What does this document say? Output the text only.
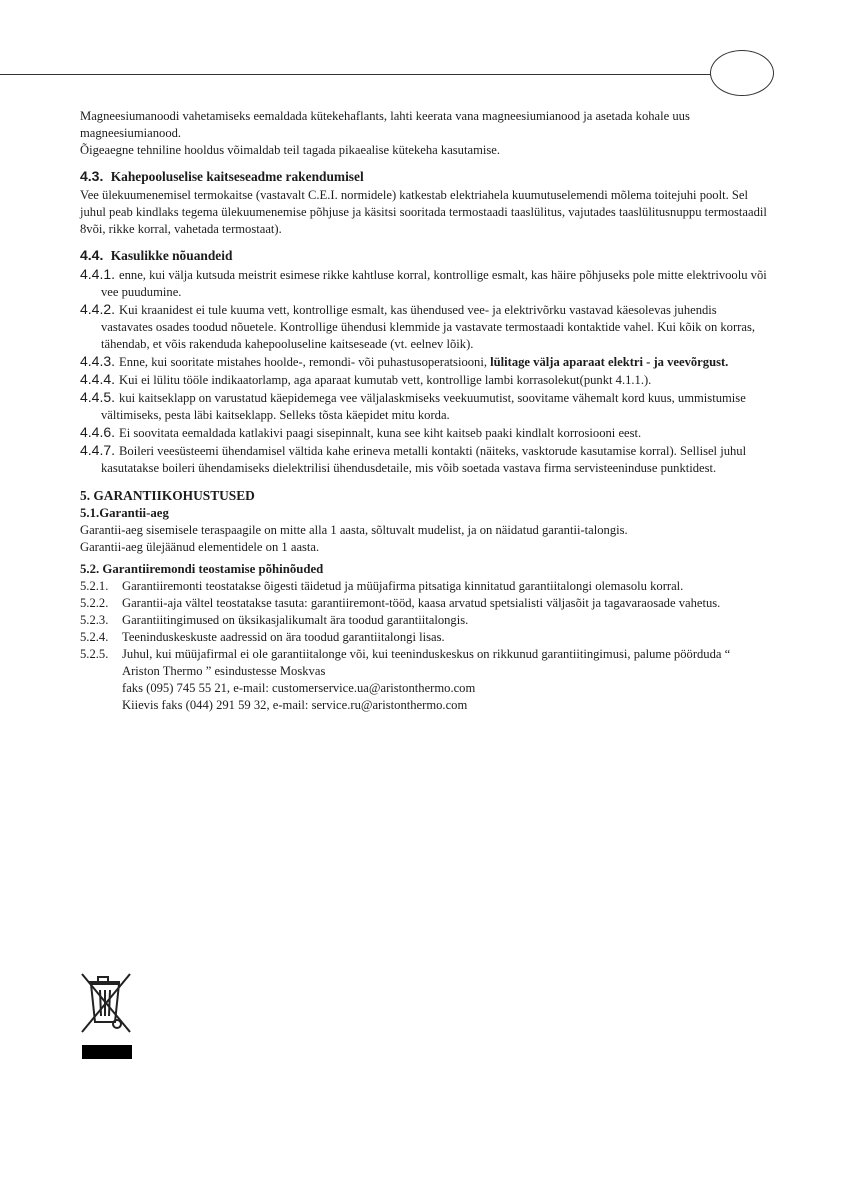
Magneesiumanoodi vahetamiseks eemaldada kütekehaflants, lahti keerata vana magneesiumianood ja asetada kohale uus magneesiumianood.

Õigeaegne tehniline hooldus võimaldab teil tagada pikaealise kütekeha kasutamise.

4.3. Kahepooluselise kaitseseadme rakendumisel

Vee ülekuumenemisel termokaitse (vastavalt C.E.I. normidele) katkestab elektriahela kuumutuselemendi mõlema toitejuhi poolt. Sel juhul peab kindlaks tegema ülekuumenemise põhjuse ja käsitsi sooritada termostaadi taaslülitus, vajutades taaslülitusnuppu termostaadil 8või, rikke korral, vahetada termostaat).

4.4. Kasulikke nõuandeid

4.4.1. enne, kui välja kutsuda meistrit esimese rikke kahtluse korral, kontrollige esmalt, kas häire põhjuseks pole mitte elektrivoolu või vee puudumine.

4.4.2. Kui kraanidest ei tule kuuma vett, kontrollige esmalt, kas ühendused vee- ja elektrivõrku vastavad käesolevas juhendis vastavates osades toodud nõuetele. Kontrollige ühendusi klemmide ja vastavate termostaadi kontaktide vahel. Kui kõik on korras, tähendab, et võis rakenduda kahepooluseline kaitseseade (vt. eelnev lõik).

4.4.3. Enne, kui sooritate mistahes hoolde-, remondi- või puhastusoperatsiooni, lülitage välja aparaat elektri - ja veevõrgust.

4.4.4. Kui ei lülitu tööle indikaatorlamp, aga aparaat kumutab vett, kontrollige lambi korrasolekut(punkt 4.1.1.).

4.4.5. kui kaitseklapp on varustatud käepidemega vee väljalaskmiseks veekuumutist, soovitame vähemalt kord kuus, ummistumise vältimiseks, pesta läbi kaitseklapp. Selleks tõsta käepidet mitu korda.

4.4.6. Ei soovitata eemaldada katlakivi paagi sisepinnalt, kuna see kiht kaitseb paaki kindlalt korrosiooni eest.

4.4.7. Boileri veesüsteemi ühendamisel vältida kahe erineva metalli kontakti (näiteks, vasktorude kasutamise korral). Sellisel juhul kasutatakse boileri ühendamiseks dielektrilisi ühendusdetaile, mis võib soetada vastava firma servisteeninduse punktidest.

5. GARANTIIKOHUSTUSED
5.1.Garantii-aeg

Garantii-aeg sisemisele teraspaagile on mitte alla 1 aasta, sõltuvalt mudelist, ja on näidatud garantii-talongis.

Garantii-aeg ülejäänud elementidele on 1 aasta.

5.2. Garantiiremondi teostamise põhinõuded
5.2.1.	Garantiiremonti teostatakse õigesti täidetud ja müüjafirma pitsatiga kinnitatud garantiitalongi olemasolu korral.
5.2.2.	Garantii-aja vältel teostatakse tasuta: garantiiremont-tööd, kaasa arvatud spetsialisti väljasõit ja tagavaraosade vahetus.
5.2.3.	Garantiitingimused on üksikasjalikumalt ära toodud garantiitalongis.
5.2.4.	Teeninduskeskuste aadressid on ära toodud garantiitalongi lisas.
5.2.5.	Juhul, kui müüjafirmal ei ole garantiitalonge või, kui teeninduskeskus on rikkunud garantiitingimusi, palume pöörduda “ Ariston Thermo ” esindustesse Moskvas
faks (095) 745 55 21, e-mail: customerservice.ua@aristonthermo.com
Kiievis faks (044) 291 59 32, e-mail: service.ru@aristonthermo.com
